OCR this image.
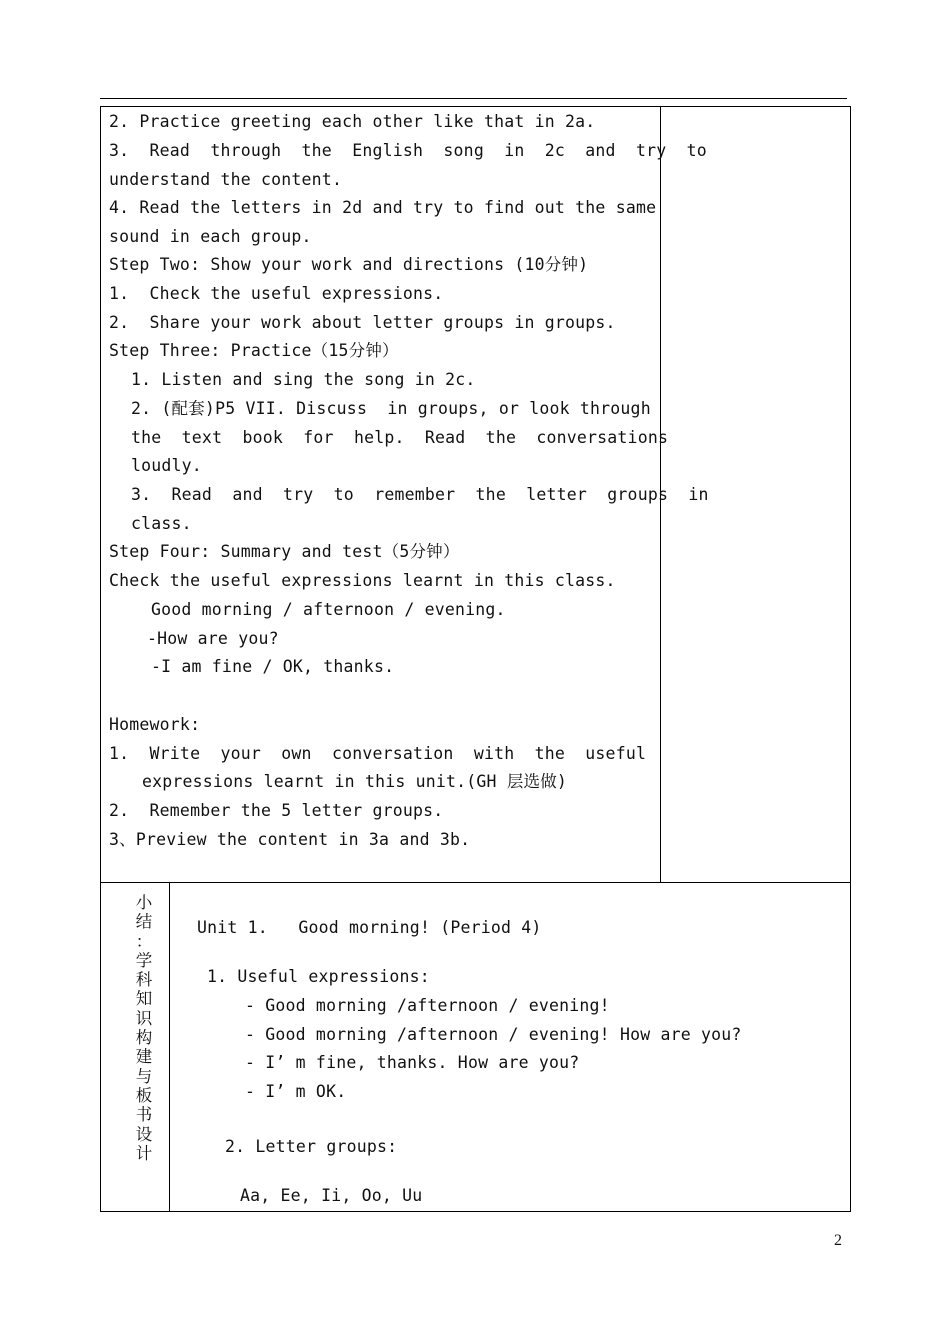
2. Practice greeting each other like that in 2a.
3.  Read  through  the  English  song  in  2c  and  try  to
understand the content.
4. Read the letters in 2d and try to find out the same
sound in each group.
Step Two: Show your work and directions (10分钟)
1.  Check the useful expressions.
2.  Share your work about letter groups in groups.
Step Three: Practice（15分钟）
1. Listen and sing the song in 2c.
2. (配套)P5 VII. Discuss  in groups, or look through
the  text  book  for  help.  Read  the  conversations
loudly.
3.  Read  and  try  to  remember  the  letter  groups  in
class.
Step Four: Summary and test（5分钟）
Check the useful expressions learnt in this class.
Good morning / afternoon / evening.
-How are you?
-I am fine / OK, thanks.
Homework:
1.  Write  your  own  conversation  with  the  useful
expressions learnt in this unit.(GH 层选做)
2.  Remember the 5 letter groups.
3、Preview the content in 3a and 3b.
小
结
：
学
科
知
识
构
建
与
板
书
设
计
Unit 1.   Good morning! (Period 4)
1. Useful expressions:
- Good morning /afternoon / evening!
- Good morning /afternoon / evening! How are you?
- I’ m fine, thanks. How are you?
- I’ m OK.
2. Letter groups:
Aa, Ee, Ii, Oo, Uu
2
